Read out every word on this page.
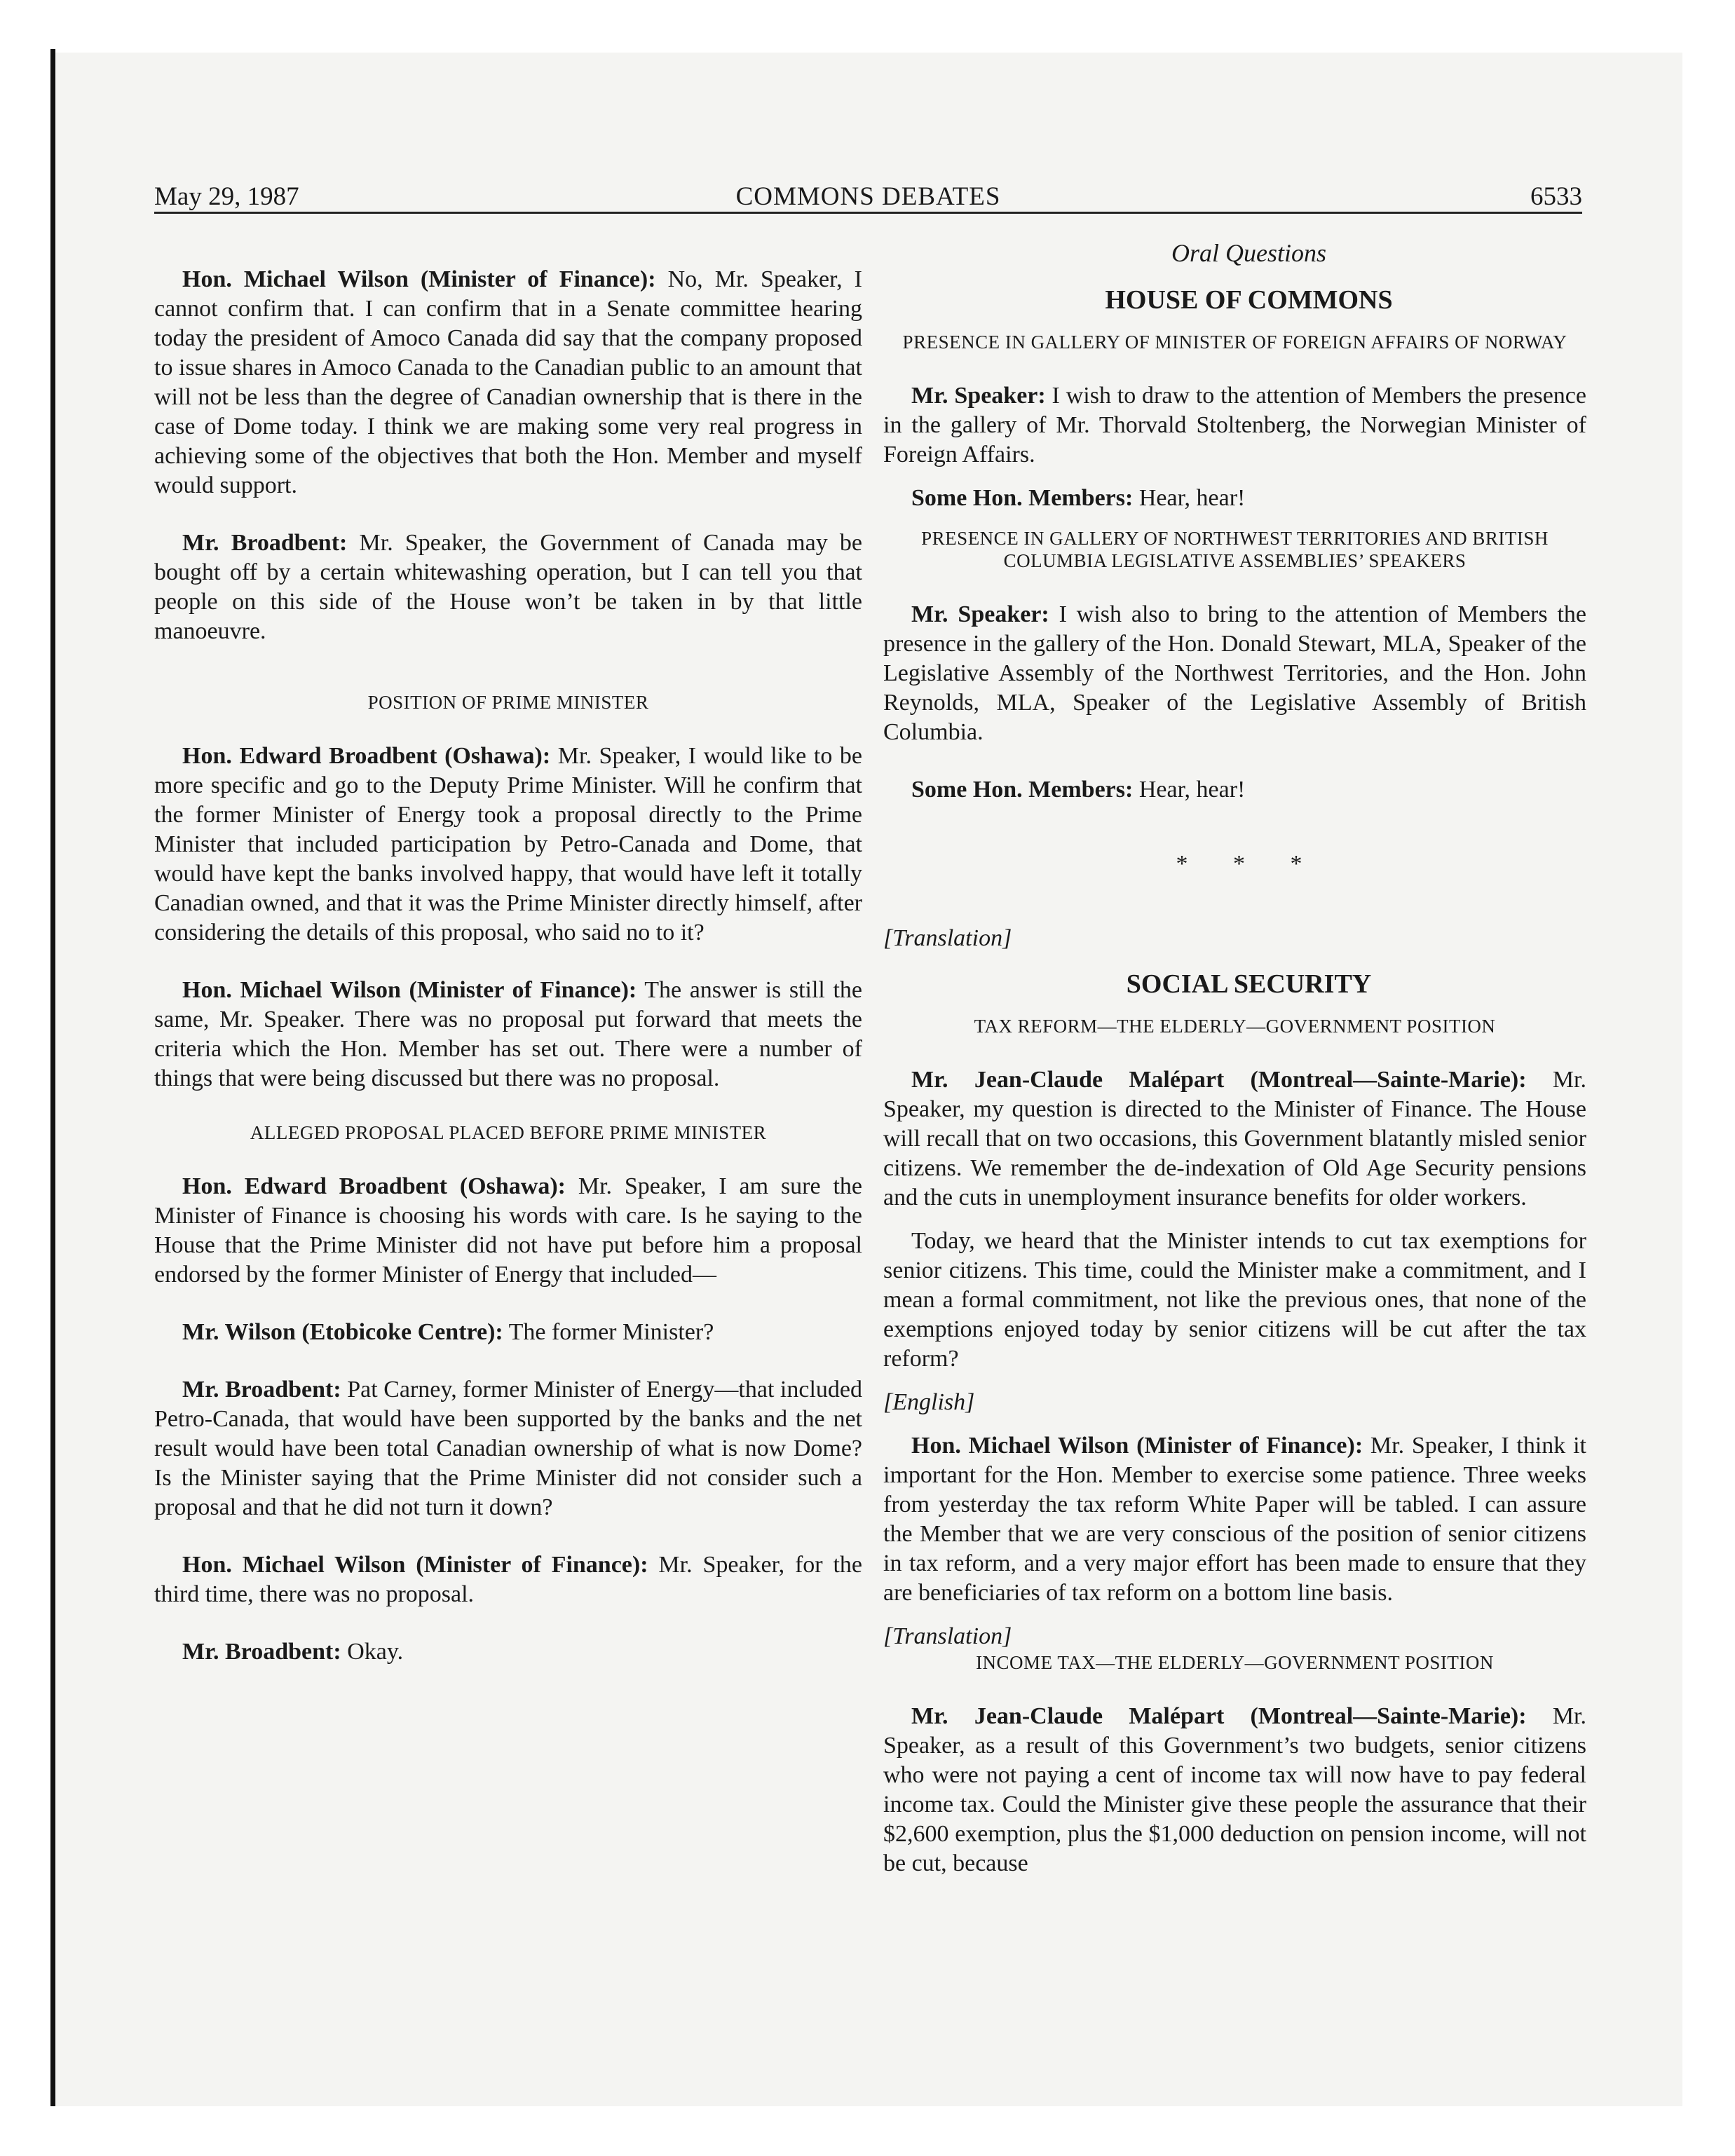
May 29, 1987	COMMONS DEBATES	6533

Hon. Michael Wilson (Minister of Finance): No, Mr. Speaker, I cannot confirm that. I can confirm that in a Senate committee hearing today the president of Amoco Canada did say that the company proposed to issue shares in Amoco Canada to the Canadian public to an amount that will not be less than the degree of Canadian ownership that is there in the case of Dome today. I think we are making some very real progress in achieving some of the objectives that both the Hon. Member and myself would support.

Mr. Broadbent: Mr. Speaker, the Government of Canada may be bought off by a certain whitewashing operation, but I can tell you that people on this side of the House won’t be taken in by that little manoeuvre.

POSITION OF PRIME MINISTER

Hon. Edward Broadbent (Oshawa): Mr. Speaker, I would like to be more specific and go to the Deputy Prime Minister. Will he confirm that the former Minister of Energy took a proposal directly to the Prime Minister that included participation by Petro-Canada and Dome, that would have kept the banks involved happy, that would have left it totally Canadian owned, and that it was the Prime Minister directly himself, after considering the details of this proposal, who said no to it?

Hon. Michael Wilson (Minister of Finance): The answer is still the same, Mr. Speaker. There was no proposal put forward that meets the criteria which the Hon. Member has set out. There were a number of things that were being discussed but there was no proposal.

ALLEGED PROPOSAL PLACED BEFORE PRIME MINISTER

Hon. Edward Broadbent (Oshawa): Mr. Speaker, I am sure the Minister of Finance is choosing his words with care. Is he saying to the House that the Prime Minister did not have put before him a proposal endorsed by the former Minister of Energy that included—

Mr. Wilson (Etobicoke Centre): The former Minister?

Mr. Broadbent: Pat Carney, former Minister of Energy—that included Petro-Canada, that would have been supported by the banks and the net result would have been total Canadian ownership of what is now Dome? Is the Minister saying that the Prime Minister did not consider such a proposal and that he did not turn it down?

Hon. Michael Wilson (Minister of Finance): Mr. Speaker, for the third time, there was no proposal.

Mr. Broadbent: Okay.

Oral Questions

HOUSE OF COMMONS

PRESENCE IN GALLERY OF MINISTER OF FOREIGN AFFAIRS OF NORWAY

Mr. Speaker: I wish to draw to the attention of Members the presence in the gallery of Mr. Thorvald Stoltenberg, the Norwegian Minister of Foreign Affairs.

Some Hon. Members: Hear, hear!

PRESENCE IN GALLERY OF NORTHWEST TERRITORIES AND BRITISH COLUMBIA LEGISLATIVE ASSEMBLIES’ SPEAKERS

Mr. Speaker: I wish also to bring to the attention of Members the presence in the gallery of the Hon. Donald Stewart, MLA, Speaker of the Legislative Assembly of the Northwest Territories, and the Hon. John Reynolds, MLA, Speaker of the Legislative Assembly of British Columbia.

Some Hon. Members: Hear, hear!

* * *

[Translation]

SOCIAL SECURITY

TAX REFORM—THE ELDERLY—GOVERNMENT POSITION

Mr. Jean-Claude Malépart (Montreal—Sainte-Marie): Mr. Speaker, my question is directed to the Minister of Finance. The House will recall that on two occasions, this Government blatantly misled senior citizens. We remember the de-indexation of Old Age Security pensions and the cuts in unemployment insurance benefits for older workers.

Today, we heard that the Minister intends to cut tax exemptions for senior citizens. This time, could the Minister make a commitment, and I mean a formal commitment, not like the previous ones, that none of the exemptions enjoyed today by senior citizens will be cut after the tax reform?

[English]

Hon. Michael Wilson (Minister of Finance): Mr. Speaker, I think it important for the Hon. Member to exercise some patience. Three weeks from yesterday the tax reform White Paper will be tabled. I can assure the Member that we are very conscious of the position of senior citizens in tax reform, and a very major effort has been made to ensure that they are beneficiaries of tax reform on a bottom line basis.

[Translation]

INCOME TAX—THE ELDERLY—GOVERNMENT POSITION

Mr. Jean-Claude Malépart (Montreal—Sainte-Marie): Mr. Speaker, as a result of this Government’s two budgets, senior citizens who were not paying a cent of income tax will now have to pay federal income tax. Could the Minister give these people the assurance that their $2,600 exemption, plus the $1,000 deduction on pension income, will not be cut, because
